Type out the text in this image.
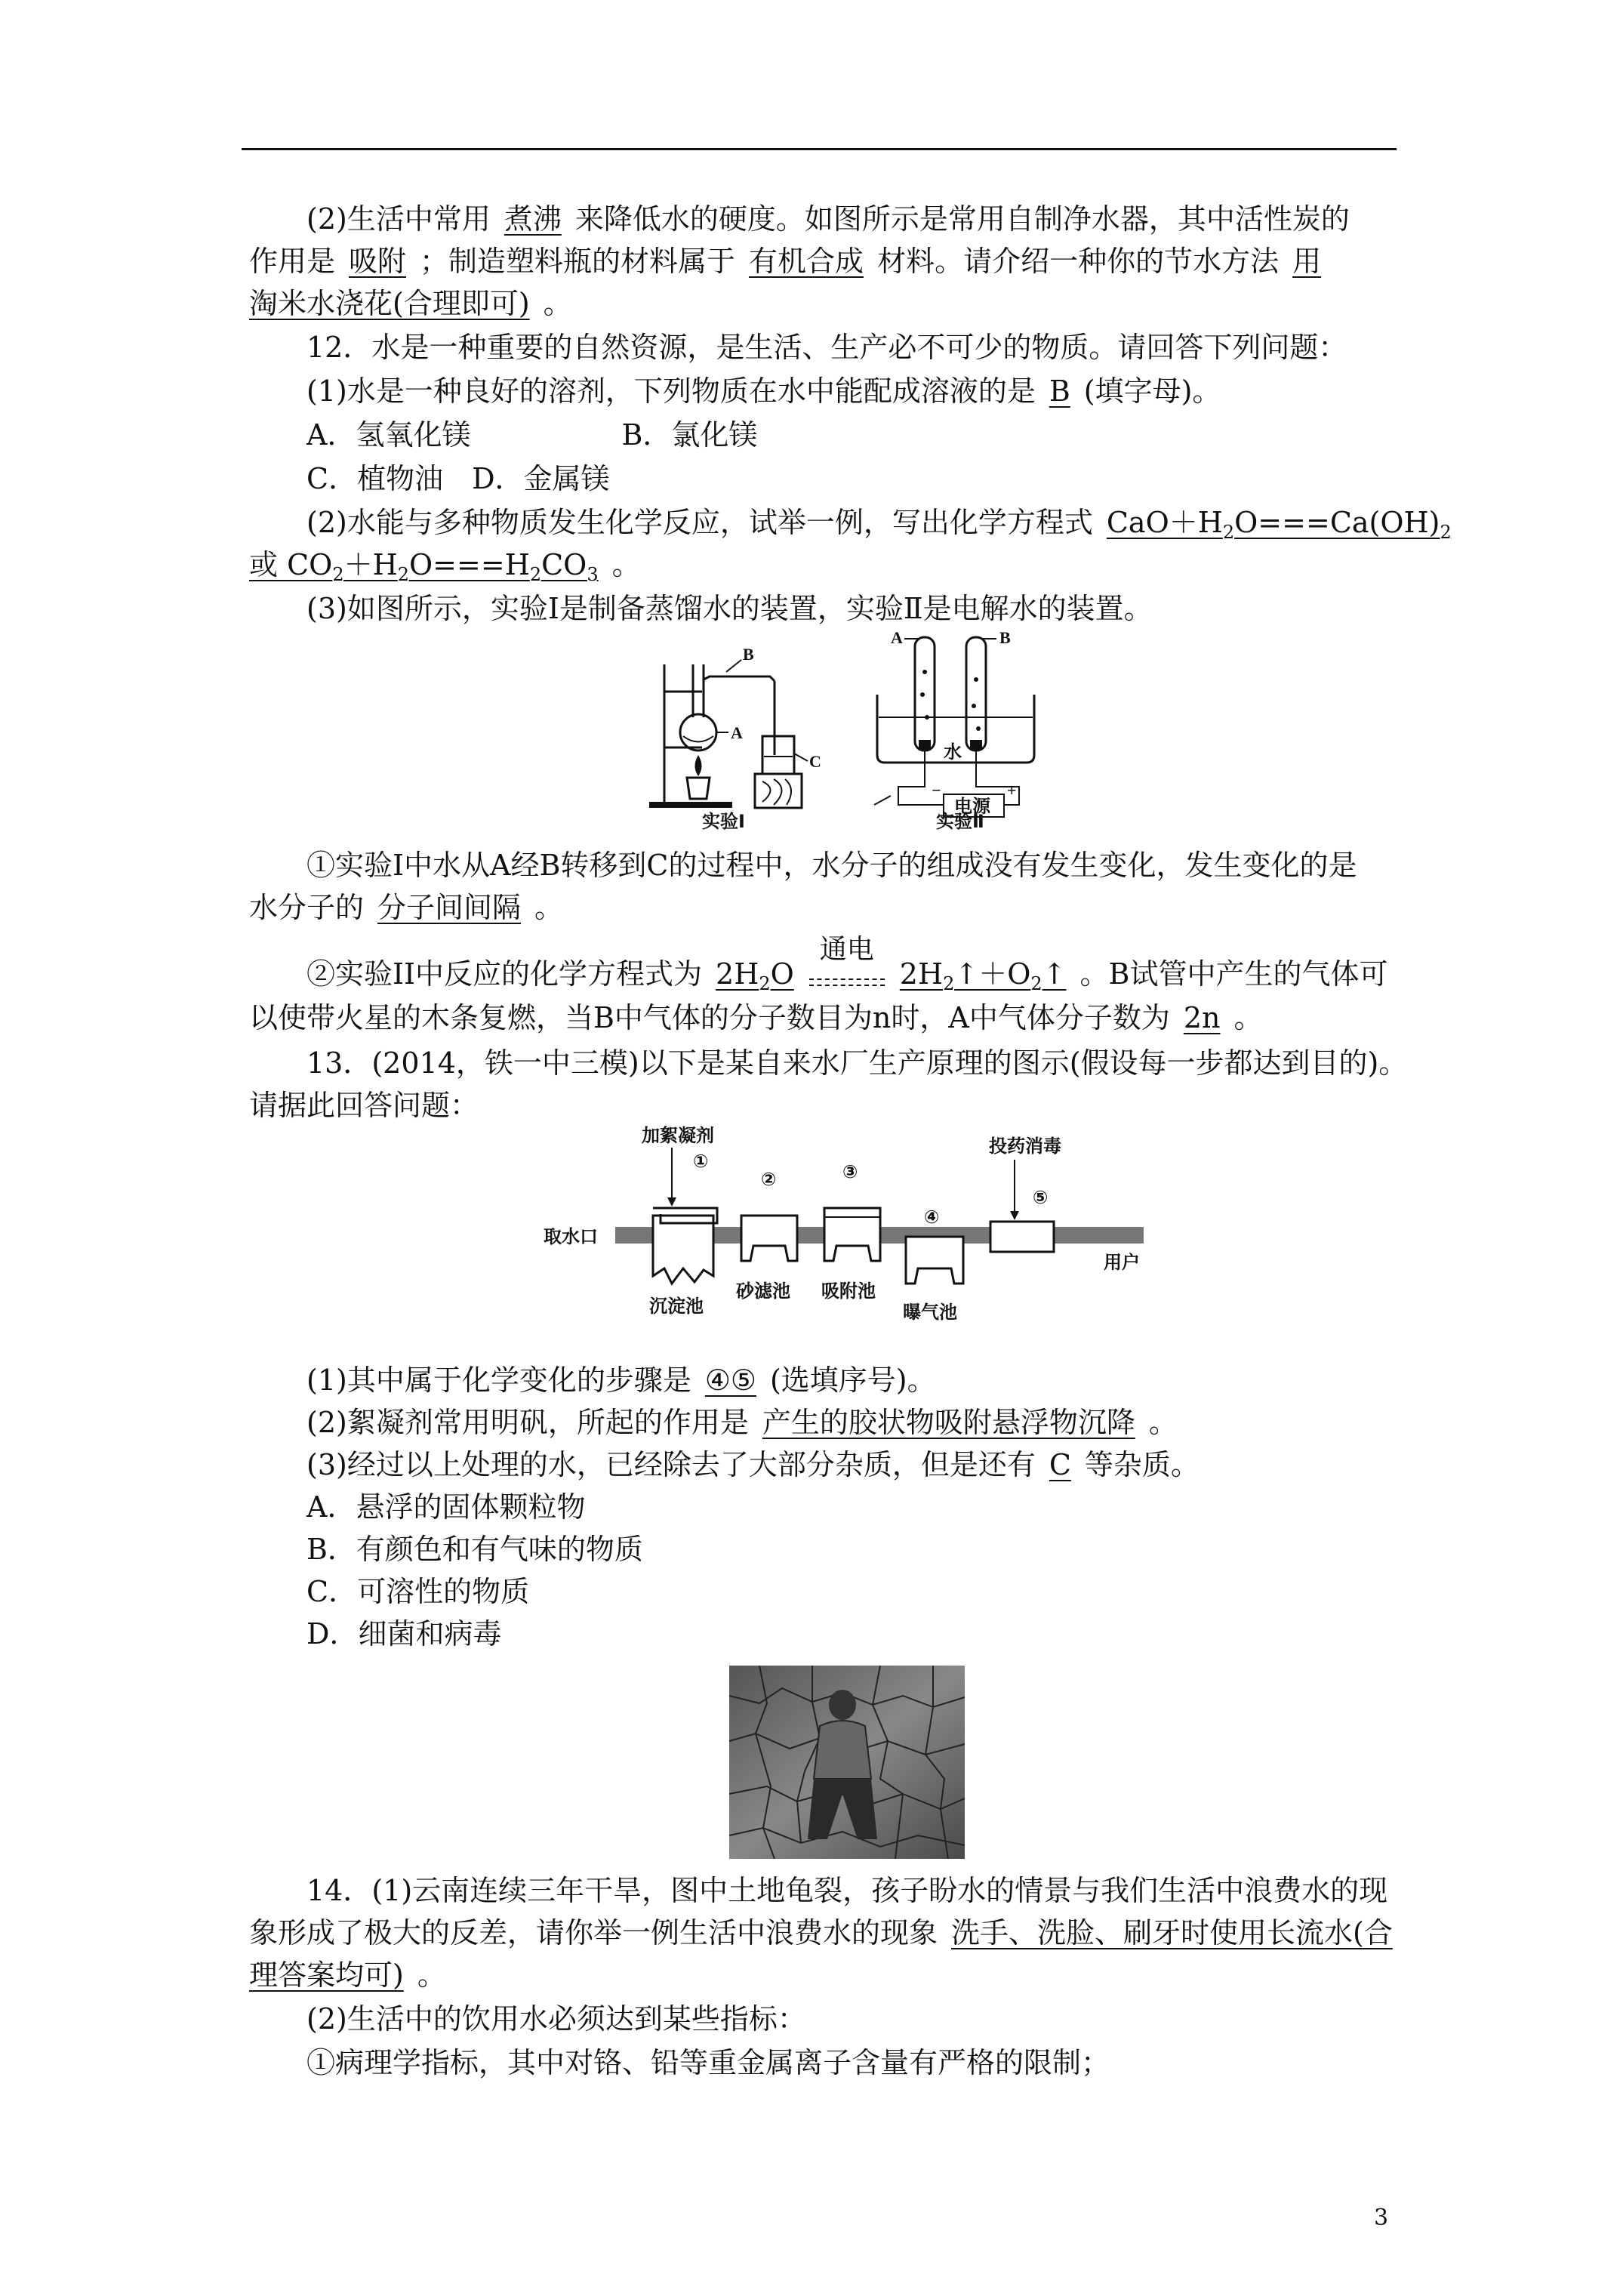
(2)生活中常用 煮沸 来降低水的硬度。如图所示是常用自制净水器，其中活性炭的
作用是 吸附 ；制造塑料瓶的材料属于 有机合成 材料。请介绍一种你的节水方法 用
淘米水浇花(合理即可) 。
12．水是一种重要的自然资源，是生活、生产必不可少的物质。请回答下列问题：
(1)水是一种良好的溶剂，下列物质在水中能配成溶液的是 B (填字母)。
A．氢氧化镁	B．氯化镁
C．植物油　D．金属镁
(2)水能与多种物质发生化学反应，试举一例，写出化学方程式 $CaO+H_2O===Ca(OH)_2$
或 $CO_2+H_2O===H_2CO_3$ 。
(3)如图所示，实验Ⅰ是制备蒸馏水的装置，实验Ⅱ是电解水的装置。
B
A
C
实验Ⅰ
水
电源
+
−
A	B
实验Ⅱ
①实验Ⅰ中水从A经B转移到C的过程中，水分子的组成没有发生变化，发生变化的是
水分子的 分子间间隔 。
②实验II中反应的化学方程式为 $2H_2O$
通电
$2H_2↑+O_2↑$ 。B试管中产生的气体可
以使带火星的木条复燃，当B中气体的分子数目为n时，A中气体分子数为 2n 。
13．(2014，铁一中三模)以下是某自来水厂生产原理的图示(假设每一步都达到目的)。
请据此回答问题：
取水口
用户
加絮凝剂
①
沉淀池
②
砂滤池
③
吸附池
④
曝气池
投药消毒
⑤
(1)其中属于化学变化的步骤是 ④⑤ (选填序号)。
(2)絮凝剂常用明矾，所起的作用是 产生的胶状物吸附悬浮物沉降 。
(3)经过以上处理的水，已经除去了大部分杂质，但是还有 C 等杂质。
A．悬浮的固体颗粒物
B．有颜色和有气味的物质
C．可溶性的物质
D．细菌和病毒
14．(1)云南连续三年干旱，图中土地龟裂，孩子盼水的情景与我们生活中浪费水的现
象形成了极大的反差，请你举一例生活中浪费水的现象 洗手、洗脸、刷牙时使用长流水(合
理答案均可) 。
(2)生活中的饮用水必须达到某些指标：
①病理学指标，其中对铬、铅等重金属离子含量有严格的限制；
3
